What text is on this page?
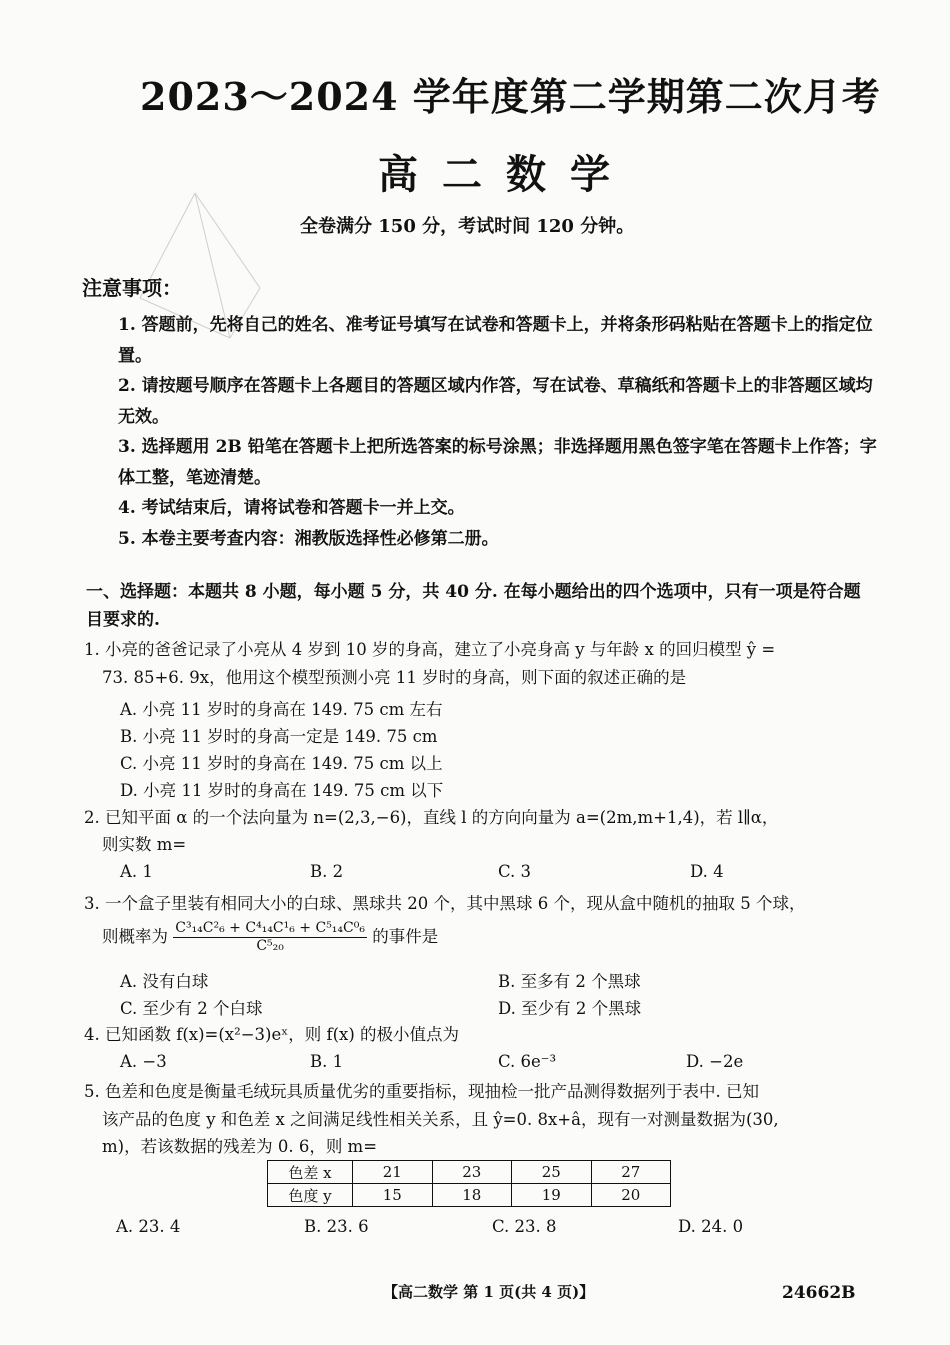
2023～2024 学年度第二学期第二次月考
高二数学
全卷满分 150 分，考试时间 120 分钟。
注意事项：

1. 答题前，先将自己的姓名、准考证号填写在试卷和答题卡上，并将条形码粘贴在答题卡上的指定位置。

2. 请按题号顺序在答题卡上各题目的答题区域内作答，写在试卷、草稿纸和答题卡上的非答题区域均无效。

3. 选择题用 2B 铅笔在答题卡上把所选答案的标号涂黑；非选择题用黑色签字笔在答题卡上作答；字体工整，笔迹清楚。

4. 考试结束后，请将试卷和答题卡一并上交。

5. 本卷主要考查内容：湘教版选择性必修第二册。

一、选择题：本题共 8 小题，每小题 5 分，共 40 分. 在每小题给出的四个选项中，只有一项是符合题目要求的.
1. 小亮的爸爸记录了小亮从 4 岁到 10 岁的身高，建立了小亮身高 y 与年龄 x 的回归模型 ŷ =
73. 85+6. 9x，他用这个模型预测小亮 11 岁时的身高，则下面的叙述正确的是
A. 小亮 11 岁时的身高在 149. 75 cm 左右
B. 小亮 11 岁时的身高一定是 149. 75 cm
C. 小亮 11 岁时的身高在 149. 75 cm 以上
D. 小亮 11 岁时的身高在 149. 75 cm 以下
2. 已知平面 α 的一个法向量为 n=(2,3,−6)，直线 l 的方向向量为 a=(2m,m+1,4)，若 l∥α，
则实数 m=
A. 1	B. 2	C. 3	D. 4
3. 一个盒子里装有相同大小的白球、黑球共 20 个，其中黑球 6 个，现从盒中随机的抽取 5 个球，
则概率为 $\frac{\text{C³₁₄C²₆ + C⁴₁₄C¹₆ + C⁵₁₄C⁰₆}}{\text{C⁵₂₀}}$ 的事件是
A. 没有白球	B. 至多有 2 个黑球
C. 至少有 2 个白球	D. 至少有 2 个黑球
4. 已知函数 f(x)=(x²−3)eˣ，则 f(x) 的极小值点为
A. −3	B. 1	C. 6e⁻³	D. −2e
5. 色差和色度是衡量毛绒玩具质量优劣的重要指标，现抽检一批产品测得数据列于表中. 已知
该产品的色度 y 和色差 x 之间满足线性相关关系，且 ŷ=0. 8x+â，现有一对测量数据为(30,
m)，若该数据的残差为 0. 6，则 m=
色差 x	21	23	25	27
色度 y	15	18	19	20
A. 23. 4	B. 23. 6	C. 23. 8	D. 24. 0
【高二数学 第 1 页(共 4 页)】	24662B
